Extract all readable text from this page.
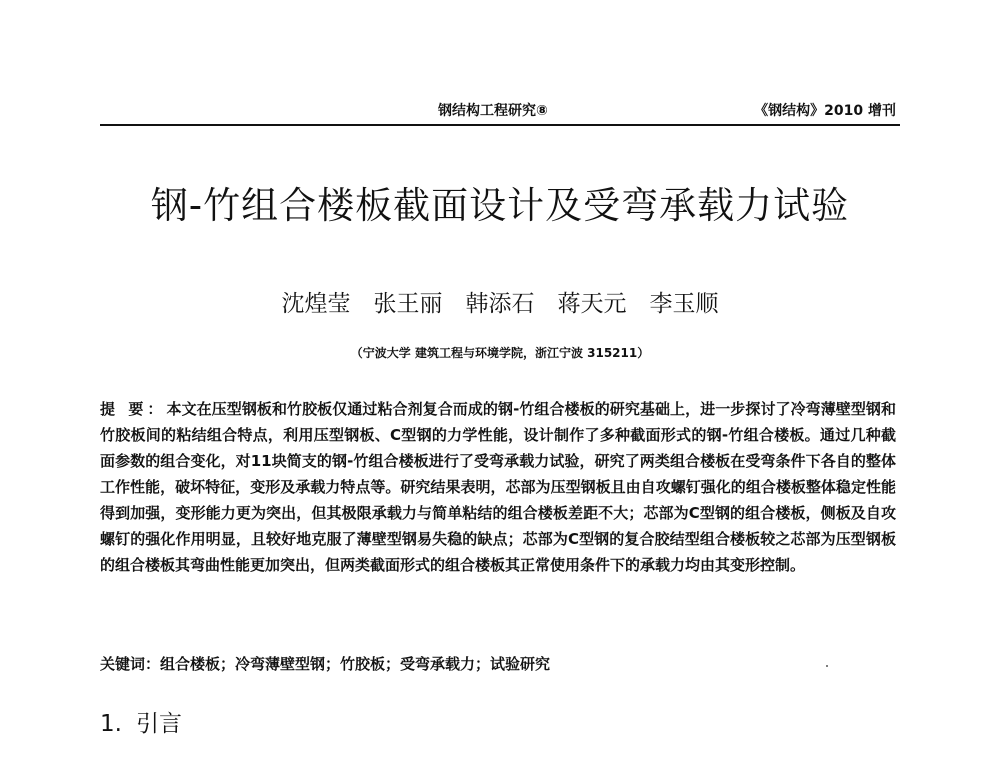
钢结构工程研究⑧	《钢结构》2010 增刊
钢-竹组合楼板截面设计及受弯承载力试验
沈煌莹　张王丽　韩添石　蒋天元　李玉顺
（宁波大学 建筑工程与环境学院，浙江宁波 315211）
提 要：本文在压型钢板和竹胶板仅通过粘合剂复合而成的钢-竹组合楼板的研究基础上，进一步探讨了冷弯薄壁型钢和竹胶板间的粘结组合特点，利用压型钢板、C型钢的力学性能，设计制作了多种截面形式的钢-竹组合楼板。通过几种截面参数的组合变化，对11块简支的钢-竹组合楼板进行了受弯承载力试验，研究了两类组合楼板在受弯条件下各自的整体工作性能，破坏特征，变形及承载力特点等。研究结果表明，芯部为压型钢板且由自攻螺钉强化的组合楼板整体稳定性能得到加强，变形能力更为突出，但其极限承载力与简单粘结的组合楼板差距不大；芯部为C型钢的组合楼板，侧板及自攻螺钉的强化作用明显，且较好地克服了薄壁型钢易失稳的缺点；芯部为C型钢的复合胶结型组合楼板较之芯部为压型钢板的组合楼板其弯曲性能更加突出，但两类截面形式的组合楼板其正常使用条件下的承载力均由其变形控制。
关键词：组合楼板；冷弯薄壁型钢；竹胶板；受弯承载力；试验研究
1. 引言
